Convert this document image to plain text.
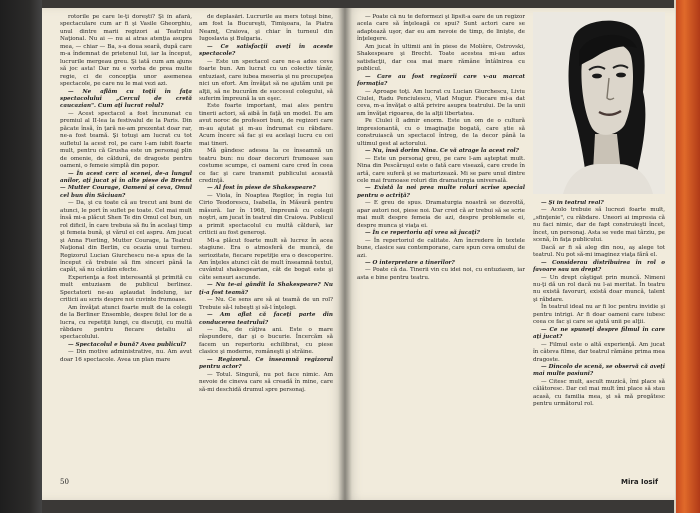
rotorile pe care le-ţi doreşti? Şi în afară, spectaculare cum ar fi şi Vasile Gheorghiu, unul dintre marii regizori ai Teatrului Naţional. Nu ai — nu ai atras atenţia asupra mea, — chiar — Ba, s-a doua seară, după care m-a îndemnat de prietenul lui, iar la început, lucrurile mergeau greu. Şi iată cum am ajuns să joc asta! Dar nu e vorba de prea multe regie, ci de concepţia unor asemenea spectacole, pe care nu le mai vezi azi.

— Ne aflăm cu toţii în faţa spectacolului „Cercul de cretă caucazian". Cum aţi lucrat rolul?

— Acest spectacol a fost încununat cu premiul al II-lea la festivalul de la Paris. Din păcate însă, în ţară ne-am prezentat doar rar, ne-a fost teamă. Şi totuşi am lucrat cu tot sufletul la acest rol, pe care l-am iubit foarte mult, pentru că Grusha este un personaj plin de omenie, de căldură, de dragoste pentru oameni, o femeie simplă din popor.

— În acest cerc al scenei, de-a lungul anilor, aţi jucat şi în alte piese de Brecht — Mutter Courage, Oameni şi ceva, Omul cel bun din Sâciuan?

— Da, şi cu toate că au trecut ani buni de atunci, le port în suflet pe toate. Cel mai mult însă mi-a plăcut Shen Te din Omul cel bun, un rol dificil, în care trebuia să fiu în acelaşi timp şi femeia bună, şi vărul ei cel aspru. Am jucat şi Anna Fierling, Mutter Courage, la Teatrul Naţional din Berlin, cu ocazia unui turneu. Regizorul Lucian Giurchescu ne-a spus de la început că trebuie să fim sinceri până la capăt, să nu căutăm efecte.

Experienţa a fost interesantă şi primită cu mult entuziasm de publicul berlinez. Spectatorii ne-au aplaudat îndelung, iar criticii au scris despre noi cuvinte frumoase.

Am învăţat atunci foarte mult de la colegii de la Berliner Ensemble, despre felul lor de a lucra, cu repetiţii lungi, cu discuţii, cu multă răbdare pentru fiecare detaliu al spectacolului.

— Spectacolul e bună? Avea publicul?

— Din motive administrative, nu. Am avut doar 16 spectacole. Avea un plan mare

de deplasări. Lucrurile au mers totuşi bine, am fost la Bucureşti, Timişoara, la Piatra Neamţ, Craiova, şi chiar în turneul din Iugoslavia şi Bulgaria.

— Ce satisfacţii aveţi în aceste spectacole?

— Este un spectacol care ne-a adus ceva foarte bun. Am lucrat cu un colectiv tânăr, entuziast, care iubea meseria şi nu precupeţea nici un efort. Am învăţat să ne ajutăm unii pe alţii, să ne bucurăm de succesul colegului, să suferim împreună la un eşec.

Este foarte important, mai ales pentru tinerii actori, să aibă în faţă un model. Eu am avut noroc de profesori buni, de regizori care m-au ajutat şi m-au îndrumat cu răbdare. Acum încerc să fac şi eu acelaşi lucru cu cei mai tineri.

Mă gândesc adesea la ce înseamnă un teatru bun: nu doar decoruri frumoase sau costume scumpe, ci oameni care cred în ceea ce fac şi care transmit publicului această credinţă.

— Al fost în piese de Shakespeare?

— Viola, în Noaptea Regilor, în regia lui Cirio Teodorescu, Isabella, în Măsură pentru măsură. Iar în 1968, împreună cu colegii noştri, am jucat în teatrul din Craiova. Publicul a primit spectacolul cu multă căldură, iar criticii au fost generoşi.

Mi-a plăcut foarte mult să lucrez în acea stagiune. Era o atmosferă de muncă, de seriozitate, fiecare repetiţie era o descoperire. Am înţeles atunci cât de mult înseamnă textul, cuvântul shakespearian, cât de bogat este şi câte sensuri ascunde.

— Nu te-ai gândit la Shakespeare? Nu ţi-a fost teamă?

— Nu. Ce sens are să ai teamă de un rol? Trebuie să-l iubeşti şi să-l înţelegi.

— Am aflat că faceţi parte din conducerea teatrului?

— Da, de câţiva ani. Este o mare răspundere, dar şi o bucurie. Încercăm să facem un repertoriu echilibrat, cu piese clasice şi moderne, româneşti şi străine.

— Regizorul. Ce înseamnă regizorul pentru actor?

— Totul. Singură, nu pot face nimic. Am nevoie de cineva care să creadă în mine, care să-mi deschidă drumul spre personaj.

50

— Poate că nu te deformezi şi lipsit-a oare de un regizor acela care să înţeleagă ce spui? Sunt actori care se adaptează uşor, dar eu am nevoie de timp, de linişte, de înţelegere.

Am jucat în ultimii ani în piese de Molière, Ostrovski, Shakespeare şi Brecht. Toate acestea mi-au adus satisfacţii, dar cea mai mare rămâne întâlnirea cu publicul.

— Care au fost regizorii care v-au marcat formaţia?

— Aproape toţi. Am lucrat cu Lucian Giurchescu, Liviu Ciulei, Radu Penciulescu, Vlad Mugur. Fiecare mi-a dat ceva, m-a învăţat o altă privire asupra teatrului. De la unii am învăţat rigoarea, de la alţii libertatea.

Pe Ciulei îl admir enorm. Este un om de o cultură impresionantă, cu o imaginaţie bogată, care ştie să construiască un spectacol întreg, de la decor până la ultimul gest al actorului.

— Nu, însă dorim Nina. Ce vă atrage la acest rol?

— Este un personaj greu, pe care l-am aşteptat mult. Nina din Pescăruşul este o fată care visează, care crede în artă, care suferă şi se maturizează. Mi se pare unul dintre cele mai frumoase roluri din dramaturgia universală.

— Există la noi prea multe roluri scrise special pentru o actriţă?

— E greu de spus. Dramaturgia noastră se dezvoltă, apar autori noi, piese noi. Dar cred că ar trebui să se scrie mai mult despre femeia de azi, despre problemele ei, despre munca şi viaţa ei.

— În ce repertoriu aţi vrea să jucaţi?

— În repertoriul de calitate. Am încredere în textele bune, clasice sau contemporane, care spun ceva omului de azi.

— O interpretare a tinerilor?

— Poate că da. Tinerii vin cu idei noi, cu entuziasm, iar asta e bine pentru teatru.

— Şi în teatrul real?

— Acolo trebuie să lucrezi foarte mult, „sfinţenie", cu răbdare. Uneori ai impresia că nu faci nimic, dar de fapt construieşti încet, încet, un personaj. Asta se vede mai târziu, pe scenă, în faţa publicului.

Dacă ar fi să aleg din nou, aş alege tot teatrul. Nu pot să-mi imaginez viaţa fără el.

— Considerau distribuirea în rol o favoare sau un drept?

— Un drept câştigat prin muncă. Nimeni nu-ţi dă un rol dacă nu l-ai meritat. În teatru nu există favoruri, există doar muncă, talent şi răbdare.

În teatrul ideal nu ar fi loc pentru invidie şi pentru intrigi. Ar fi doar oameni care iubesc ceea ce fac şi care se ajută unii pe alţii.

— Ce ne spuneţi despre filmul în care aţi jucat?

— Filmul este o altă experienţă. Am jucat în câteva filme, dar teatrul rămâne prima mea dragoste.

— Dincolo de scenă, se observă că aveţi mai multe pasiuni?

— Citesc mult, ascult muzică, îmi place să călătoresc. Dar cel mai mult îmi place să stau acasă, cu familia mea, şi să mă pregătesc pentru următorul rol.

Mira Iosif
